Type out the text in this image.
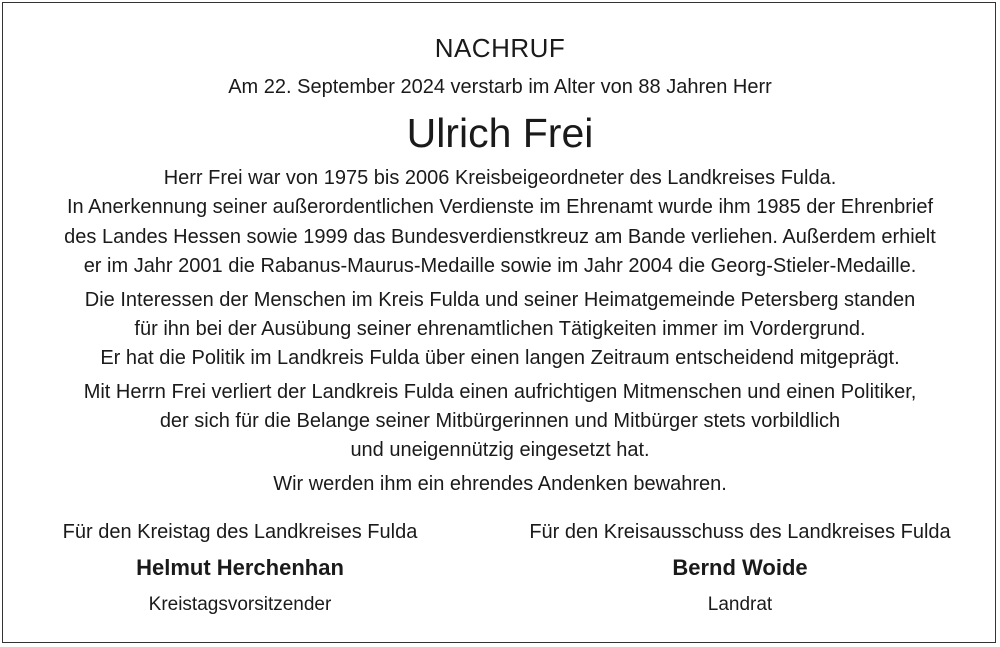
NACHRUF
Am 22. September 2024 verstarb im Alter von 88 Jahren Herr
Ulrich Frei
Herr Frei war von 1975 bis 2006 Kreisbeigeordneter des Landkreises Fulda.
In Anerkennung seiner außerordentlichen Verdienste im Ehrenamt wurde ihm 1985 der Ehrenbrief
des Landes Hessen sowie 1999 das Bundesverdienstkreuz am Bande verliehen. Außerdem erhielt
er im Jahr 2001 die Rabanus-Maurus-Medaille sowie im Jahr 2004 die Georg-Stieler-Medaille.
Die Interessen der Menschen im Kreis Fulda und seiner Heimatgemeinde Petersberg standen
für ihn bei der Ausübung seiner ehrenamtlichen Tätigkeiten immer im Vordergrund.
Er hat die Politik im Landkreis Fulda über einen langen Zeitraum entscheidend mitgeprägt.
Mit Herrn Frei verliert der Landkreis Fulda einen aufrichtigen Mitmenschen und einen Politiker,
der sich für die Belange seiner Mitbürgerinnen und Mitbürger stets vorbildlich
und uneigennützig eingesetzt hat.
Wir werden ihm ein ehrendes Andenken bewahren.
Für den Kreistag des Landkreises Fulda
Helmut Herchenhan
Kreistagsvorsitzender
Für den Kreisausschuss des Landkreises Fulda
Bernd Woide
Landrat
